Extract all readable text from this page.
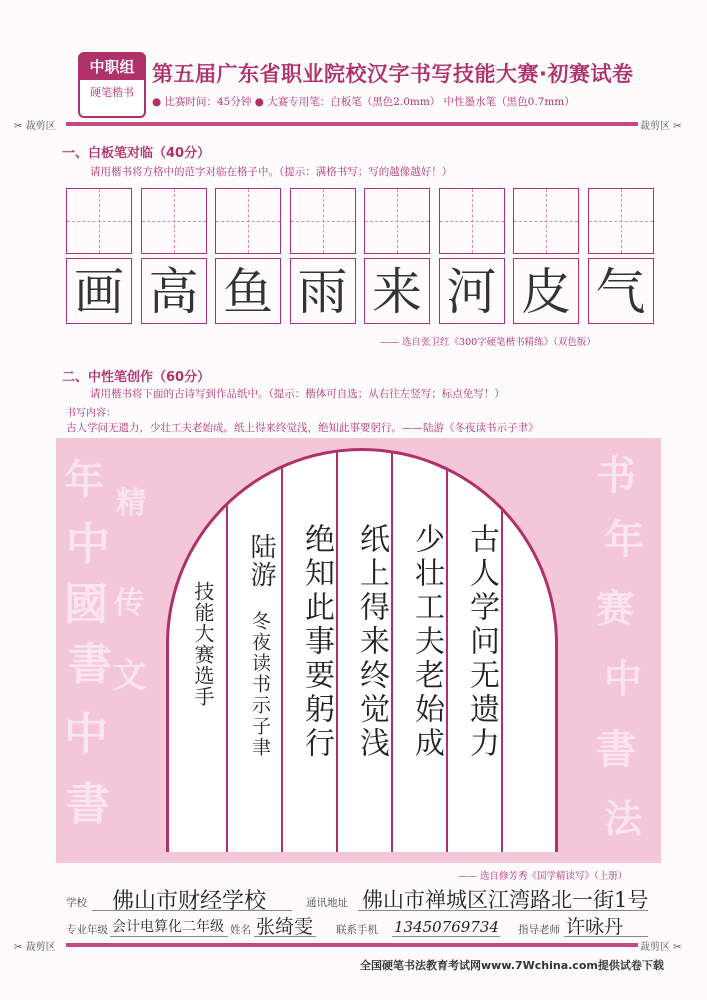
中职组
硬笔楷书
第五届广东省职业院校汉字书写技能大赛·初赛试卷
● 比赛时间：45分钟 ● 大赛专用笔：白板笔（黑色2.0mm） 中性墨水笔（黑色0.7mm）
✂ 裁剪区	裁剪区 ✂
一、白板笔对临（40分）
请用楷书将方格中的范字对临在格子中。（提示：满格书写；写的越像越好！）
画 高 鱼 雨 来 河 皮 气
—— 选自张卫红《300字硬笔楷书精练》（双色版）
二、中性笔创作（60分）
请用楷书将下面的古诗写到作品纸中。（提示：楷体可自选；从右往左竖写；标点免写！）
书写内容：
古人学问无遗力，少壮工夫老始成。纸上得来终觉浅，绝知此事要躬行。——陆游《冬夜读书示子聿》
年
中
國
書
中
書
精
传
文
书
年
赛
中
書
法
古人学问无遗力
少壮工夫老始成
纸上得来终觉浅
绝知此事要躬行
陆游
冬夜读书示子聿
技能大赛选手
—— 选自修芳秀《国学精读写》（上册）
学校 佛山市财经学校	通讯地址 佛山市禅城区江湾路北一街1号
专业年级 会计电算化二年级 姓名 张绮雯 联系手机 13450769734 指导老师 许咏丹
✂ 裁剪区	裁剪区 ✂
全国硬笔书法教育考试网www.7Wchina.com提供试卷下载
